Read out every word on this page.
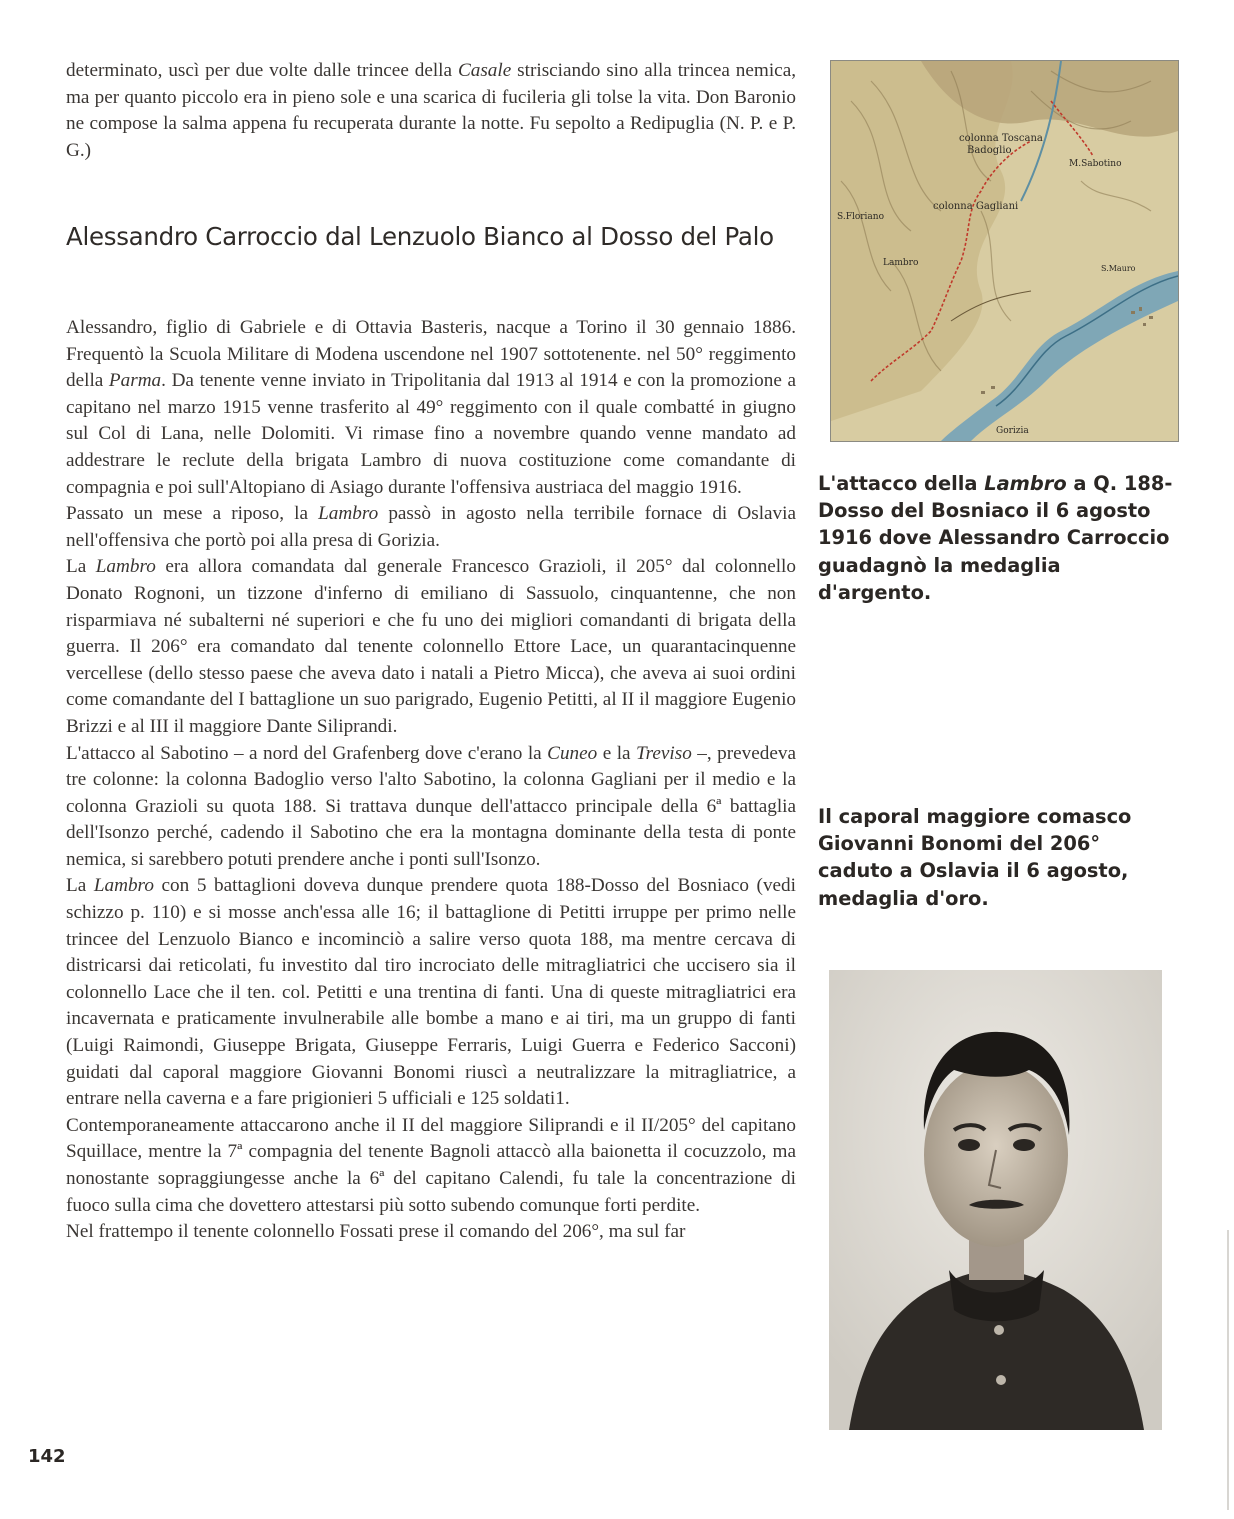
determinato, uscì per due volte dalle trincee della Casale strisciando sino alla trincea nemica, ma per quanto piccolo era in pieno sole e una scarica di fucileria gli tolse la vita. Don Baronio ne compose la salma appena fu recuperata durante la notte. Fu sepolto a Redipuglia (N. P. e P. G.)

Alessandro Carroccio dal Lenzuolo Bianco al Dosso del Palo

Alessandro, figlio di Gabriele e di Ottavia Basteris, nacque a Torino il 30 gennaio 1886. Frequentò la Scuola Militare di Modena uscendone nel 1907 sottotenente. nel 50° reggimento della Parma. Da tenente venne inviato in Tripolitania dal 1913 al 1914 e con la promozione a capitano nel marzo 1915 venne trasferito al 49° reggimento con il quale combatté in giugno sul Col di Lana, nelle Dolomiti. Vi rimase fino a novembre quando venne mandato ad addestrare le reclute della brigata Lambro di nuova costituzione come comandante di compagnia e poi sull'Altopiano di Asiago durante l'offensiva austriaca del maggio 1916.

Passato un mese a riposo, la Lambro passò in agosto nella terribile fornace di Oslavia nell'offensiva che portò poi alla presa di Gorizia.

La Lambro era allora comandata dal generale Francesco Grazioli, il 205° dal colonnello Donato Rognoni, un tizzone d'inferno di emiliano di Sassuolo, cinquantenne, che non risparmiava né subalterni né superiori e che fu uno dei migliori comandanti di brigata della guerra. Il 206° era comandato dal tenente colonnello Ettore Lace, un quarantacinquenne vercellese (dello stesso paese che aveva dato i natali a Pietro Micca), che aveva ai suoi ordini come comandante del I battaglione un suo parigrado, Eugenio Petitti, al II il maggiore Eugenio Brizzi e al III il maggiore Dante Siliprandi.

L'attacco al Sabotino – a nord del Grafenberg dove c'erano la Cuneo e la Treviso –, prevedeva tre colonne: la colonna Badoglio verso l'alto Sabotino, la colonna Gagliani per il medio e la colonna Grazioli su quota 188. Si trattava dunque dell'attacco principale della 6ª battaglia dell'Isonzo perché, cadendo il Sabotino che era la montagna dominante della testa di ponte nemica, si sarebbero potuti prendere anche i ponti sull'Isonzo.

La Lambro con 5 battaglioni doveva dunque prendere quota 188-Dosso del Bosniaco (vedi schizzo p. 110) e si mosse anch'essa alle 16; il battaglione di Petitti irruppe per primo nelle trincee del Lenzuolo Bianco e incominciò a salire verso quota 188, ma mentre cercava di districarsi dai reticolati, fu investito dal tiro incrociato delle mitragliatrici che uccisero sia il colonnello Lace che il ten. col. Petitti e una trentina di fanti. Una di queste mitragliatrici era incavernata e praticamente invulnerabile alle bombe a mano e ai tiri, ma un gruppo di fanti (Luigi Raimondi, Giuseppe Brigata, Giuseppe Ferraris, Luigi Guerra e Federico Sacconi) guidati dal caporal maggiore Giovanni Bonomi riuscì a neutralizzare la mitragliatrice, a entrare nella caverna e a fare prigionieri 5 ufficiali e 125 soldati1.

Contemporaneamente attaccarono anche il II del maggiore Siliprandi e il II/205° del capitano Squillace, mentre la 7ª compagnia del tenente Bagnoli attaccò alla baionetta il cocuzzolo, ma nonostante sopraggiungesse anche la 6ª del capitano Calendi, fu tale la concentrazione di fuoco sulla cima che dovettero attestarsi più sotto subendo comunque forti perdite.

Nel frattempo il tenente colonnello Fossati prese il comando del 206°, ma sul far

colonna Toscana
Badoglio
M.Sabotino
colonna Gagliani
S.Floriano
Lambro
S.Mauro
Gorizia

L'attacco della Lambro a Q. 188-Dosso del Bosniaco il 6 agosto 1916 dove Alessandro Carroccio guadagnò la medaglia d'argento.

Il caporal maggiore comasco Giovanni Bonomi del 206° caduto a Oslavia il 6 agosto, medaglia d'oro.

142
